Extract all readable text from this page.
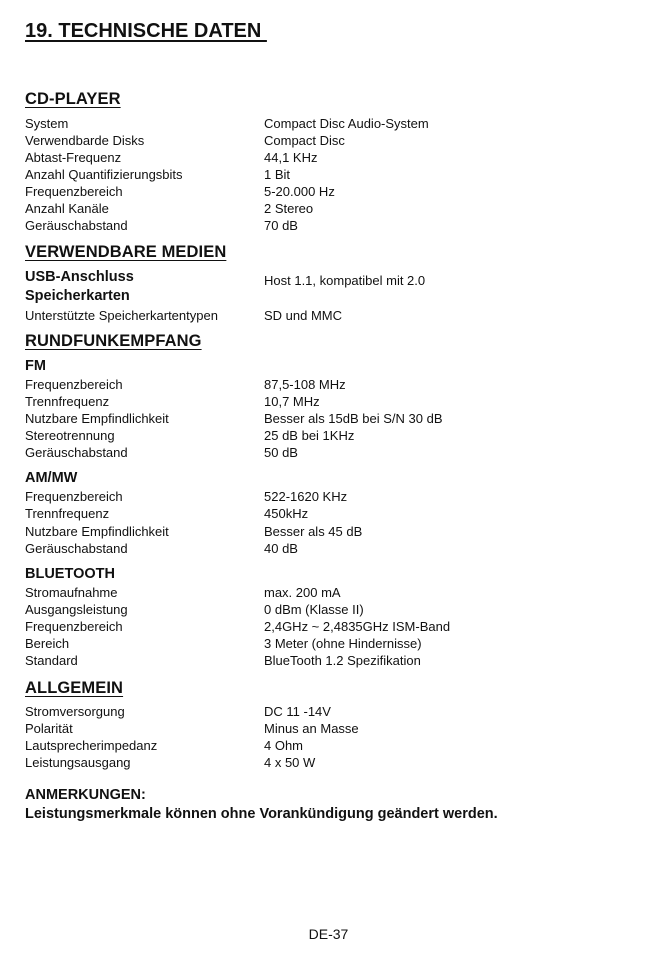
19. TECHNISCHE DATEN
CD-PLAYER
System	Compact Disc Audio-System
Verwendbarde Disks	Compact Disc
Abtast-Frequenz	44,1 KHz
Anzahl Quantifizierungsbits	1 Bit
Frequenzbereich	5-20.000 Hz
Anzahl Kanäle	2 Stereo
Geräuschabstand	70 dB
VERWENDBARE MEDIEN
USB-Anschluss	Host 1.1, kompatibel mit 2.0
Speicherkarten
Unterstützte Speicherkartentypen	SD und MMC
RUNDFUNKEMPFANG
FM
Frequenzbereich	87,5-108 MHz
Trennfrequenz	10,7 MHz
Nutzbare Empfindlichkeit	Besser als 15dB bei S/N 30 dB
Stereotrennung	25 dB bei 1KHz
Geräuschabstand	50 dB
AM/MW
Frequenzbereich	522-1620 KHz
Trennfrequenz	450kHz
Nutzbare Empfindlichkeit	Besser als 45 dB
Geräuschabstand	40 dB
BLUETOOTH
Stromaufnahme	max. 200 mA
Ausgangsleistung	0 dBm (Klasse II)
Frequenzbereich	2,4GHz ~ 2,4835GHz ISM-Band
Bereich	3 Meter (ohne Hindernisse)
Standard	BlueTooth 1.2 Spezifikation
ALLGEMEIN
Stromversorgung	DC 11 -14V
Polarität	Minus an Masse
Lautsprecherimpedanz	4 Ohm
Leistungsausgang	4 x 50 W
ANMERKUNGEN:
Leistungsmerkmale können ohne Vorankündigung geändert werden.
DE-37
